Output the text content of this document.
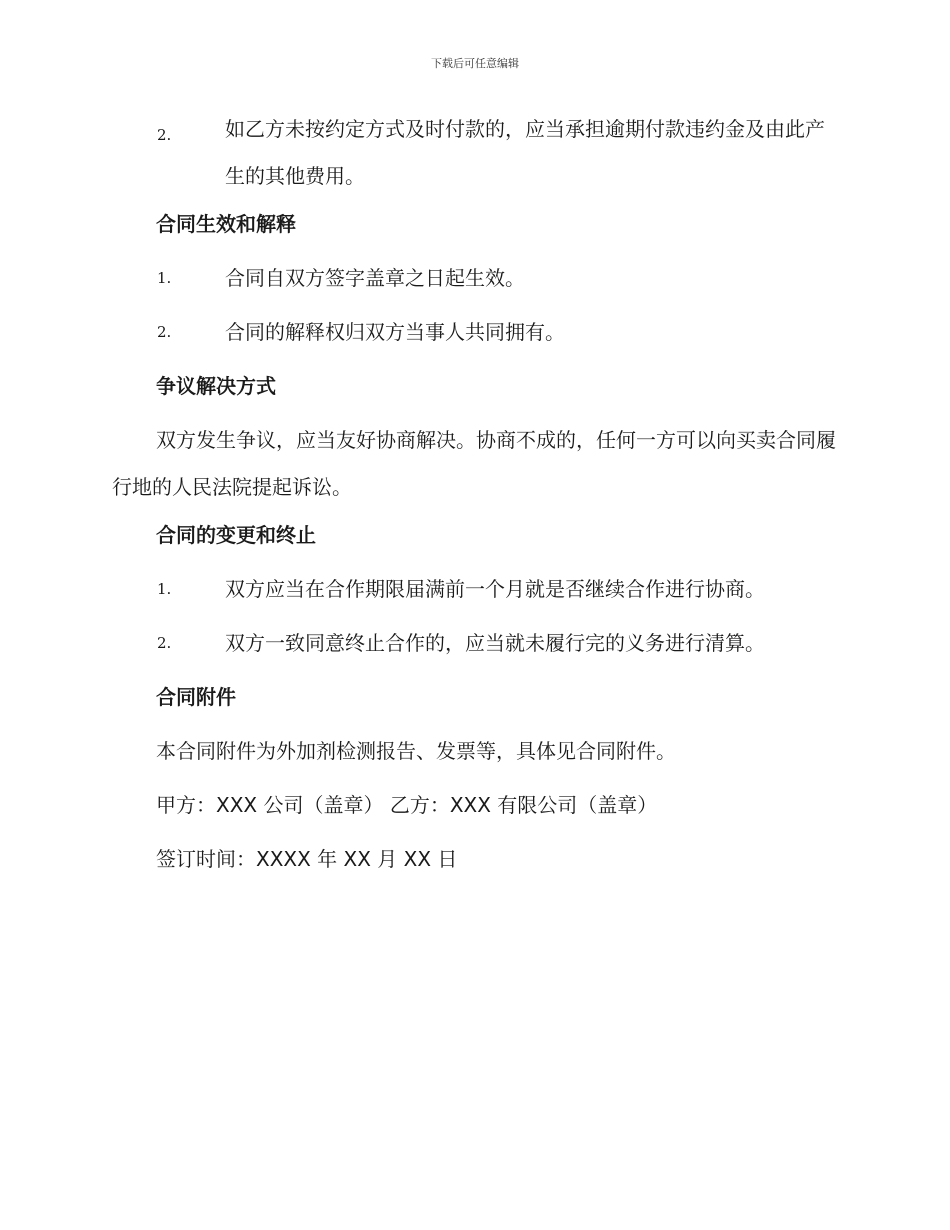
下载后可任意编辑
2.	如乙方未按约定方式及时付款的，应当承担逾期付款违约金及由此产生的其他费用。
合同生效和解释
1.	合同自双方签字盖章之日起生效。
2.	合同的解释权归双方当事人共同拥有。
争议解决方式
双方发生争议，应当友好协商解决。协商不成的，任何一方可以向买卖合同履行地的人民法院提起诉讼。
合同的变更和终止
1.	双方应当在合作期限届满前一个月就是否继续合作进行协商。
2.	双方一致同意终止合作的，应当就未履行完的义务进行清算。
合同附件
本合同附件为外加剂检测报告、发票等，具体见合同附件。
甲方：XXX 公司（盖章） 乙方：XXX 有限公司（盖章）
签订时间：XXXX 年 XX 月 XX 日
